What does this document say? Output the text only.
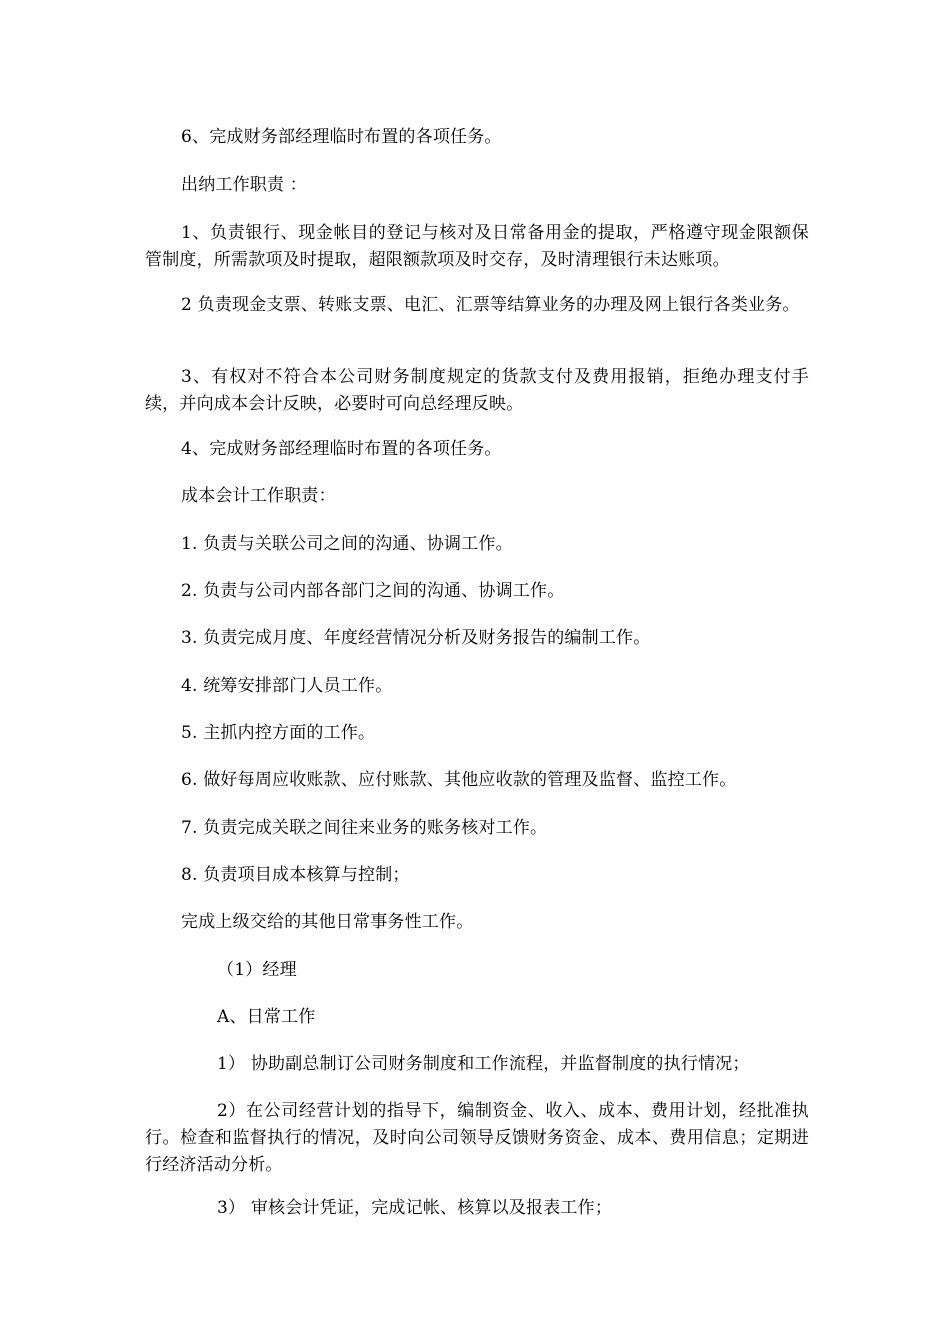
6、完成财务部经理临时布置的各项任务。

出纳工作职责 ：

1、负责银行、现金帐目的登记与核对及日常备用金的提取，严格遵守现金限额保管制度，所需款项及时提取，超限额款项及时交存，及时清理银行未达账项。

2 负责现金支票、转账支票、电汇、汇票等结算业务的办理及网上银行各类业务。

3、有权对不符合本公司财务制度规定的货款支付及费用报销，拒绝办理支付手续，并向成本会计反映，必要时可向总经理反映。

4、完成财务部经理临时布置的各项任务。

成本会计工作职责：

1. 负责与关联公司之间的沟通、协调工作。

2. 负责与公司内部各部门之间的沟通、协调工作。

3. 负责完成月度、年度经营情况分析及财务报告的编制工作。

4. 统筹安排部门人员工作。

5. 主抓内控方面的工作。

6. 做好每周应收账款、应付账款、其他应收款的管理及监督、监控工作。

7. 负责完成关联之间往来业务的账务核对工作。

8. 负责项目成本核算与控制；

完成上级交给的其他日常事务性工作。

（1）经理

A、日常工作

1） 协助副总制订公司财务制度和工作流程，并监督制度的执行情况；

2）在公司经营计划的指导下，编制资金、收入、成本、费用计划，经批准执行。检查和监督执行的情况，及时向公司领导反馈财务资金、成本、费用信息；定期进行经济活动分析。

3） 审核会计凭证，完成记帐、核算以及报表工作；
